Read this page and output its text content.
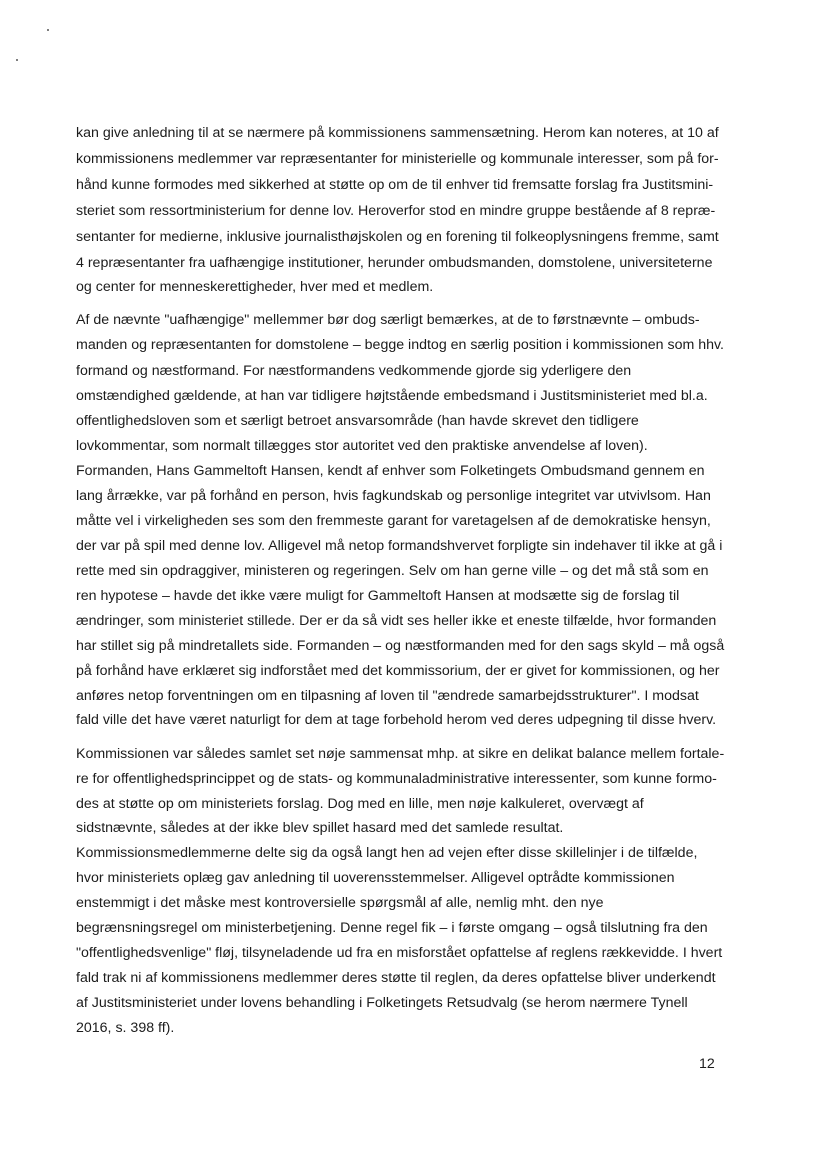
kan give anledning til at se nærmere på kommissionens sammensætning. Herom kan noteres, at 10 af
kommissionens medlemmer var repræsentanter for ministerielle og kommunale interesser, som på for-
hånd kunne formodes med sikkerhed at støtte op om de til enhver tid fremsatte forslag fra Justitsmini-
steriet som ressortministerium for denne lov. Heroverfor stod en mindre gruppe bestående af 8 repræ-
sentanter for medierne, inklusive journalisthøjskolen og en forening til folkeoplysningens fremme, samt
4 repræsentanter fra uafhængige institutioner, herunder ombudsmanden, domstolene, universiteterne
og center for menneskerettigheder, hver med et medlem.
Af de nævnte "uafhængige" mellemmer bør dog særligt bemærkes, at de to førstnævnte – ombuds-
manden og repræsentanten for domstolene – begge indtog en særlig position i kommissionen som hhv.
formand og næstformand. For næstformandens vedkommende gjorde sig yderligere den
omstændighed gældende, at han var tidligere højtstående embedsmand i Justitsministeriet med bl.a.
offentlighedsloven som et særligt betroet ansvarsområde (han havde skrevet den tidligere
lovkommentar, som normalt tillægges stor autoritet ved den praktiske anvendelse af loven).
Formanden, Hans Gammeltoft Hansen, kendt af enhver som Folketingets Ombudsmand gennem en
lang årrække, var på forhånd en person, hvis fagkundskab og personlige integritet var utvivlsom. Han
måtte vel i virkeligheden ses som den fremmeste garant for varetagelsen af de demokratiske hensyn,
der var på spil med denne lov. Alligevel må netop formandshvervet forpligte sin indehaver til ikke at gå i
rette med sin opdraggiver, ministeren og regeringen. Selv om han gerne ville – og det må stå som en
ren hypotese – havde det ikke være muligt for Gammeltoft Hansen at modsætte sig de forslag til
ændringer, som ministeriet stillede. Der er da så vidt ses heller ikke et eneste tilfælde, hvor formanden
har stillet sig på mindretallets side. Formanden – og næstformanden med for den sags skyld – må også
på forhånd have erklæret sig indforstået med det kommissorium, der er givet for kommissionen, og her
anføres netop forventningen om en tilpasning af loven til "ændrede samarbejdsstrukturer". I modsat
fald ville det have været naturligt for dem at tage forbehold herom ved deres udpegning til disse hverv.
Kommissionen var således samlet set nøje sammensat mhp. at sikre en delikat balance mellem fortale-
re for offentlighedsprincippet og de stats- og kommunaladministrative interessenter, som kunne formo-
des at støtte op om ministeriets forslag. Dog med en lille, men nøje kalkuleret, overvægt af
sidstnævnte, således at der ikke blev spillet hasard med det samlede resultat.
Kommissionsmedlemmerne delte sig da også langt hen ad vejen efter disse skillelinjer i de tilfælde,
hvor ministeriets oplæg gav anledning til uoverensstemmelser. Alligevel optrådte kommissionen
enstemmigt i det måske mest kontroversielle spørgsmål af alle, nemlig mht. den nye
begrænsningsregel om ministerbetjening. Denne regel fik – i første omgang – også tilslutning fra den
"offentlighedsvenlige" fløj, tilsyneladende ud fra en misforstået opfattelse af reglens rækkevidde. I hvert
fald trak ni af kommissionens medlemmer deres støtte til reglen, da deres opfattelse bliver underkendt
af Justitsministeriet under lovens behandling i Folketingets Retsudvalg (se herom nærmere Tynell
2016, s. 398 ff).
12
